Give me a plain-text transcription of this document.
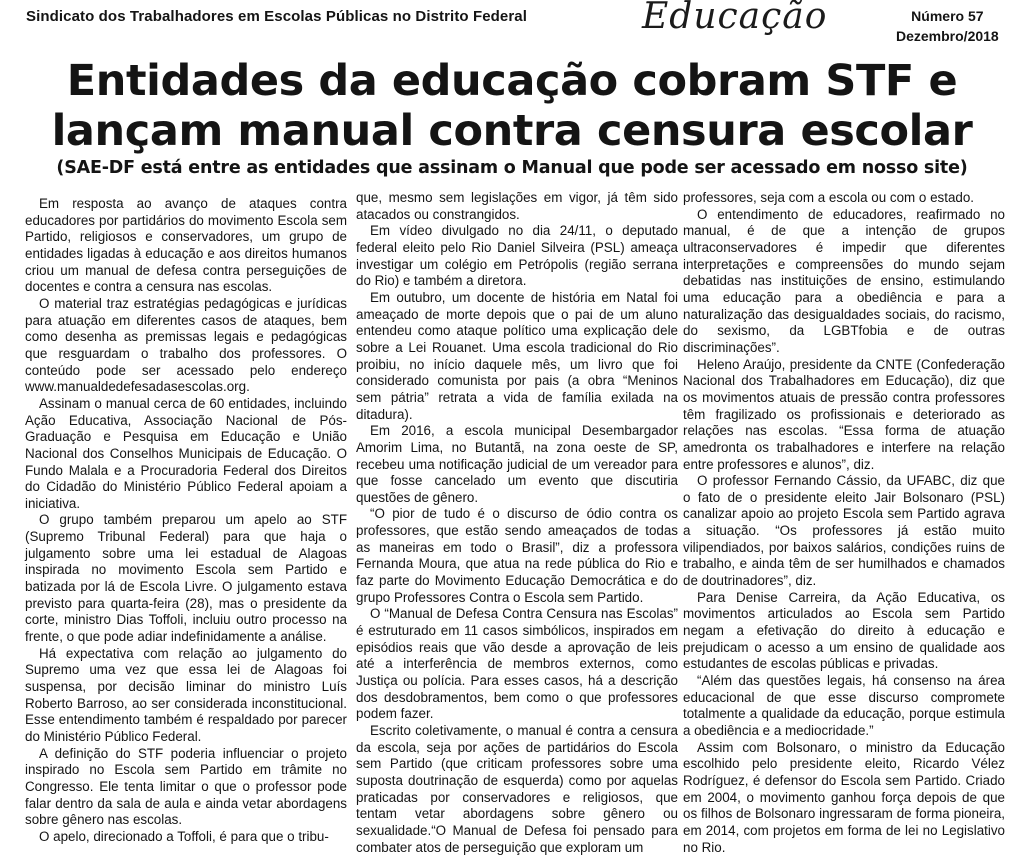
Sindicato dos Trabalhadores em Escolas Públicas no Distrito Federal	Educação	Número 57
Dezembro/2018
Entidades da educação cobram STF e
lançam manual contra censura escolar
(SAE-DF está entre as entidades que assinam o Manual que pode ser acessado em nosso site)

Em resposta ao avanço de ataques contra educadores por partidários do movimento Escola sem Partido, religiosos e conservadores, um grupo de entidades ligadas à educação e aos direitos humanos criou um manual de defesa contra perseguições de docentes e contra a censura nas escolas.

O material traz estratégias pedagógicas e jurídicas para atuação em diferentes casos de ataques, bem como desenha as premissas legais e pedagógicas que resguardam o trabalho dos professores. O conteúdo pode ser acessado pelo endereço www.manualdedefesadasescolas.org.

Assinam o manual cerca de 60 entidades, incluindo Ação Educativa, Associação Nacional de Pós-Graduação e Pesquisa em Educação e União Nacional dos Conselhos Municipais de Educação. O Fundo Malala e a Procuradoria Federal dos Direitos do Cidadão do Ministério Público Federal apoiam a iniciativa.

O grupo também preparou um apelo ao STF (Supremo Tribunal Federal) para que haja o julgamento sobre uma lei estadual de Alagoas inspirada no movimento Escola sem Partido e batizada por lá de Escola Livre. O julgamento estava previsto para quarta-feira (28), mas o presidente da corte, ministro Dias Toffoli, incluiu outro processo na frente, o que pode adiar indefinidamente a análise.

Há expectativa com relação ao julgamento do Supremo uma vez que essa lei de Alagoas foi suspensa, por decisão liminar do ministro Luís Roberto Barroso, ao ser considerada inconstitucional. Esse entendimento também é respaldado por parecer do Ministério Público Federal.

A definição do STF poderia influenciar o projeto inspirado no Escola sem Partido em trâmite no Congresso. Ele tenta limitar o que o professor pode falar dentro da sala de aula e ainda vetar abordagens sobre gênero nas escolas.

O apelo, direcionado a Toffoli, é para que o tribu-

que, mesmo sem legislações em vigor, já têm sido atacados ou constrangidos.

Em vídeo divulgado no dia 24/11, o deputado federal eleito pelo Rio Daniel Silveira (PSL) ameaça investigar um colégio em Petrópolis (região serrana do Rio) e também a diretora.

Em outubro, um docente de história em Natal foi ameaçado de morte depois que o pai de um aluno entendeu como ataque político uma explicação dele sobre a Lei Rouanet. Uma escola tradicional do Rio proibiu, no início daquele mês, um livro que foi considerado comunista por pais (a obra “Meninos sem pátria” retrata a vida de família exilada na ditadura).

Em 2016, a escola municipal Desembargador Amorim Lima, no Butantã, na zona oeste de SP, recebeu uma notificação judicial de um vereador para que fosse cancelado um evento que discutiria questões de gênero.

“O pior de tudo é o discurso de ódio contra os professores, que estão sendo ameaçados de todas as maneiras em todo o Brasil”, diz a professora Fernanda Moura, que atua na rede pública do Rio e faz parte do Movimento Educação Democrática e do grupo Professores Contra o Escola sem Partido.

O “Manual de Defesa Contra Censura nas Escolas” é estruturado em 11 casos simbólicos, inspirados em episódios reais que vão desde a aprovação de leis até a interferência de membros externos, como Justiça ou polícia. Para esses casos, há a descrição dos desdobramentos, bem como o que professores podem fazer.

Escrito coletivamente, o manual é contra a censura da escola, seja por ações de partidários do Escola sem Partido (que criticam professores sobre uma suposta doutrinação de esquerda) como por aquelas praticadas por conservadores e religiosos, que tentam vetar abordagens sobre gênero ou sexualidade.“O Manual de Defesa foi pensado para combater atos de perseguição que exploram um

professores, seja com a escola ou com o estado.

O entendimento de educadores, reafirmado no manual, é de que a intenção de grupos ultraconservadores é impedir que diferentes interpretações e compreensões do mundo sejam debatidas nas instituições de ensino, estimulando uma educação para a obediência e para a naturalização das desigualdades sociais, do racismo, do sexismo, da LGBTfobia e de outras discriminações”.

Heleno Araújo, presidente da CNTE (Confederação Nacional dos Trabalhadores em Educação), diz que os movimentos atuais de pressão contra professores têm fragilizado os profissionais e deteriorado as relações nas escolas. “Essa forma de atuação amedronta os trabalhadores e interfere na relação entre professores e alunos”, diz.

O professor Fernando Cássio, da UFABC, diz que o fato de o presidente eleito Jair Bolsonaro (PSL) canalizar apoio ao projeto Escola sem Partido agrava a situação. “Os professores já estão muito vilipendiados, por baixos salários, condições ruins de trabalho, e ainda têm de ser humilhados e chamados de doutrinadores”, diz.

Para Denise Carreira, da Ação Educativa, os movimentos articulados ao Escola sem Partido negam a efetivação do direito à educação e prejudicam o acesso a um ensino de qualidade aos estudantes de escolas públicas e privadas.

“Além das questões legais, há consenso na área educacional de que esse discurso compromete totalmente a qualidade da educação, porque estimula a obediência e a mediocridade.”

Assim com Bolsonaro, o ministro da Educação escolhido pelo presidente eleito, Ricardo Vélez Rodríguez, é defensor do Escola sem Partido. Criado em 2004, o movimento ganhou força depois de que os filhos de Bolsonaro ingressaram de forma pioneira, em 2014, com projetos em forma de lei no Legislativo no Rio.
